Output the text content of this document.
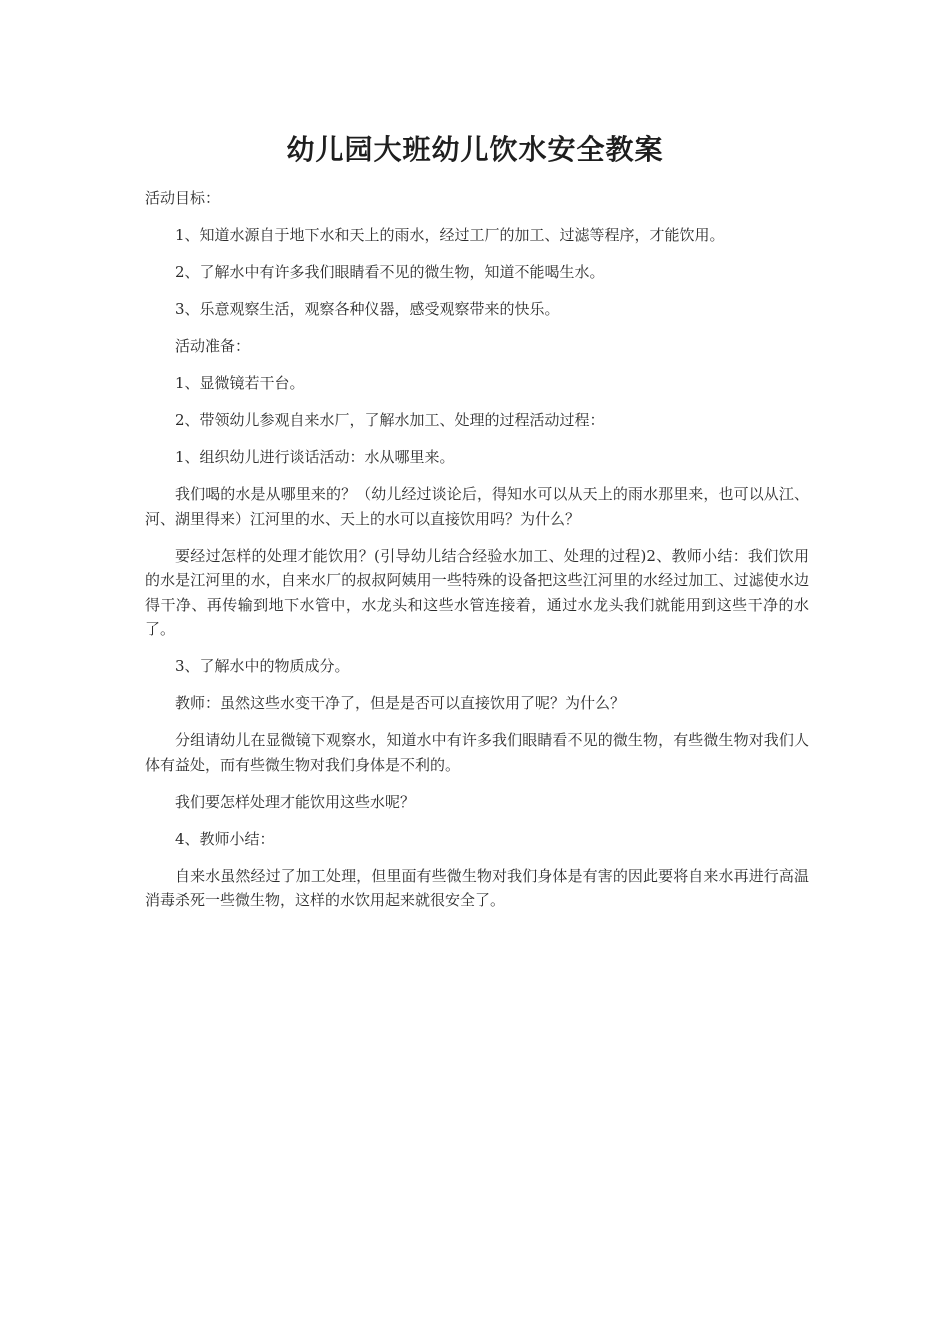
幼儿园大班幼儿饮水安全教案

活动目标：

1、知道水源自于地下水和天上的雨水，经过工厂的加工、过滤等程序，才能饮用。

2、了解水中有许多我们眼睛看不见的微生物，知道不能喝生水。

3、乐意观察生活，观察各种仪器，感受观察带来的快乐。

活动准备：

1、显微镜若干台。

2、带领幼儿参观自来水厂，了解水加工、处理的过程活动过程：

1、组织幼儿进行谈话活动：水从哪里来。

我们喝的水是从哪里来的？（幼儿经过谈论后，得知水可以从天上的雨水那里来，也可以从江、河、湖里得来）江河里的水、天上的水可以直接饮用吗？为什么？

要经过怎样的处理才能饮用？(引导幼儿结合经验水加工、处理的过程)2、教师小结：我们饮用的水是江河里的水，自来水厂的叔叔阿姨用一些特殊的设备把这些江河里的水经过加工、过滤使水边得干净、再传输到地下水管中，水龙头和这些水管连接着，通过水龙头我们就能用到这些干净的水了。

3、了解水中的物质成分。

教师：虽然这些水变干净了，但是是否可以直接饮用了呢？为什么？

分组请幼儿在显微镜下观察水，知道水中有许多我们眼睛看不见的微生物，有些微生物对我们人体有益处，而有些微生物对我们身体是不利的。

我们要怎样处理才能饮用这些水呢？

4、教师小结：

自来水虽然经过了加工处理，但里面有些微生物对我们身体是有害的因此要将自来水再进行高温消毒杀死一些微生物，这样的水饮用起来就很安全了。
